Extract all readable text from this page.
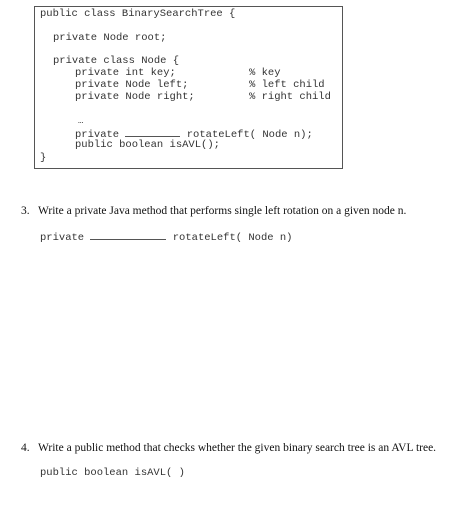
public class BinarySearchTree {
private Node root;
private class Node {
private int key;	% key
private Node left;	% left child
private Node right;	% right child
…
private	rotateLeft( Node n);
public boolean isAVL();
}
3. Write a private Java method that performs single left rotation on a given node n.
private	rotateLeft( Node n)
4. Write a public method that checks whether the given binary search tree is an AVL tree.
public boolean isAVL( )
